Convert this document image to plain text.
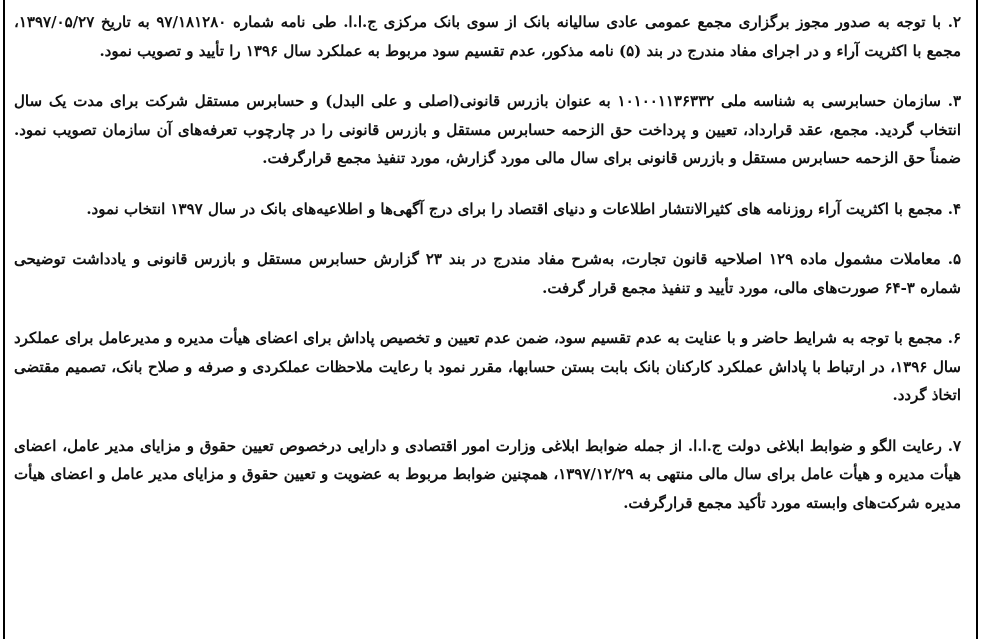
۲. با توجه به صدور مجوز برگزاری مجمع عمومی عادی سالیانه بانک از سوی بانک مرکزی ج.ا.ا. طی نامه شماره ۹۷/۱۸۱۲۸۰ به تاریخ ۱۳۹۷/۰۵/۲۷، مجمع با اکثریت آراء و در اجرای مفاد مندرج در بند (۵) نامه مذکور، عدم تقسیم سود مربوط به عملکرد سال ۱۳۹۶ را تأیید و تصویب نمود.

۳. سازمان حسابرسی به شناسه ملی ۱۰۱۰۰۱۱۳۶۳۳۲ به عنوان بازرس قانونی(اصلی و علی البدل) و حسابرس مستقل شرکت برای مدت یک سال انتخاب گردید. مجمع، عقد قرارداد، تعیین و پرداخت حق الزحمه حسابرس مستقل و بازرس قانونی را در چارچوب تعرفه‌های آن سازمان تصویب نمود. ضمناً حق الزحمه حسابرس مستقل و بازرس قانونی برای سال مالی مورد گزارش، مورد تنفیذ مجمع قرارگرفت.

۴. مجمع با اکثریت آراء روزنامه های کثیرالانتشار اطلاعات و دنیای اقتصاد را برای درج آگهی‌ها و اطلاعیه‌های بانک در سال ۱۳۹۷ انتخاب نمود.

۵. معاملات مشمول ماده ۱۲۹ اصلاحیه قانون تجارت، به‌شرح مفاد مندرج در بند ۲۳ گزارش حسابرس مستقل و بازرس قانونی و یادداشت توضیحی شماره ۳-۶۴ صورت‌های مالی، مورد تأیید و تنفیذ مجمع قرار گرفت.

۶. مجمع با توجه به شرایط حاضر و با عنایت به عدم تقسیم سود، ضمن عدم تعیین و تخصیص پاداش برای اعضای هیأت مدیره و مدیرعامل برای عملکرد سال ۱۳۹۶، در ارتباط با پاداش عملکرد کارکنان بانک بابت بستن حسابها، مقرر نمود با رعایت ملاحظات عملکردی و صرفه و صلاح بانک، تصمیم مقتضی اتخاذ گردد.

۷. رعایت الگو و ضوابط ابلاغی دولت ج.ا.ا. از جمله ضوابط ابلاغی وزارت امور اقتصادی و دارایی درخصوص تعیین حقوق و مزایای مدیر عامل، اعضای هیأت مدیره و هیأت عامل برای سال مالی منتهی به ۱۳۹۷/۱۲/۲۹، همچنین ضوابط مربوط به عضویت و تعیین حقوق و مزایای مدیر عامل و اعضای هیأت مدیره شرکت‌های وابسته مورد تأکید مجمع قرارگرفت.
